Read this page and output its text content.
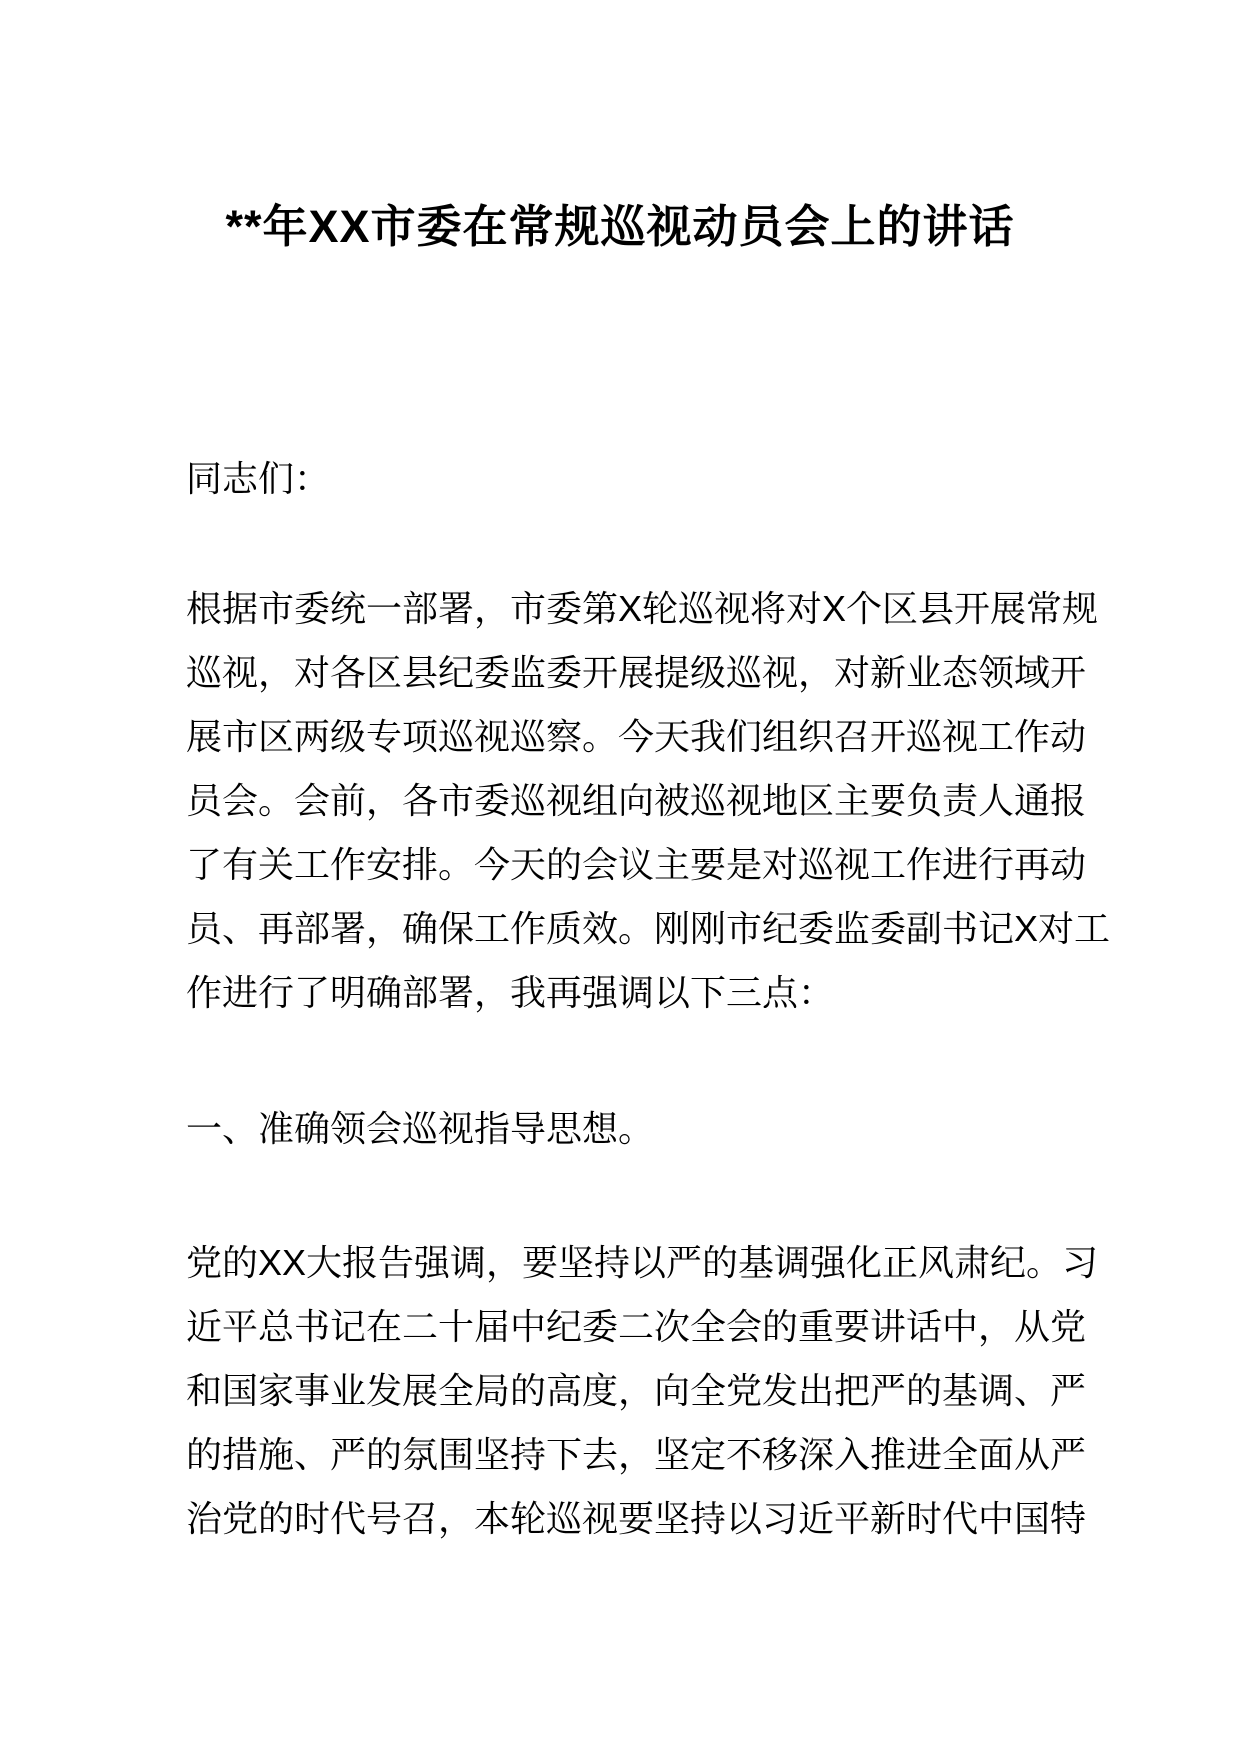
**年XX市委在常规巡视动员会上的讲话

同志们：

根据市委统一部署，市委第X轮巡视将对X个区县开展常规
巡视，对各区县纪委监委开展提级巡视，对新业态领域开
展市区两级专项巡视巡察。今天我们组织召开巡视工作动
员会。会前，各市委巡视组向被巡视地区主要负责人通报
了有关工作安排。今天的会议主要是对巡视工作进行再动
员、再部署，确保工作质效。刚刚市纪委监委副书记X对工
作进行了明确部署，我再强调以下三点：
一、准确领会巡视指导思想。
党的XX大报告强调，要坚持以严的基调强化正风肃纪。习
近平总书记在二十届中纪委二次全会的重要讲话中，从党
和国家事业发展全局的高度，向全党发出把严的基调、严
的措施、严的氛围坚持下去，坚定不移深入推进全面从严
治党的时代号召，本轮巡视要坚持以习近平新时代中国特
